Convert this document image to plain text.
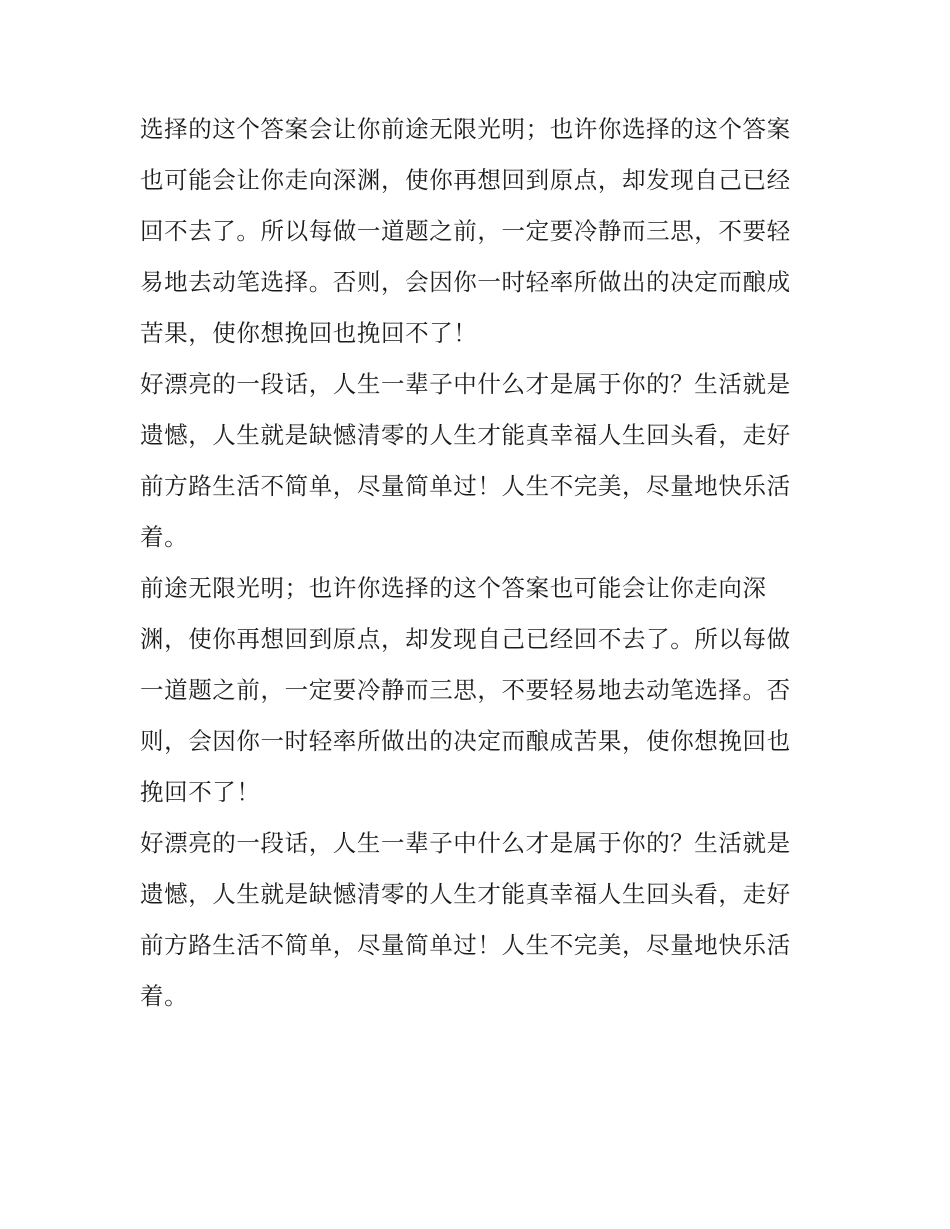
选择的这个答案会让你前途无限光明；也许你选择的这个答案
也可能会让你走向深渊，使你再想回到原点，却发现自己已经
回不去了。所以每做一道题之前，一定要冷静而三思，不要轻
易地去动笔选择。否则，会因你一时轻率所做出的决定而酿成
苦果，使你想挽回也挽回不了！
好漂亮的一段话，人生一辈子中什么才是属于你的？生活就是
遗憾，人生就是缺憾清零的人生才能真幸福人生回头看，走好
前方路生活不简单，尽量简单过！人生不完美，尽量地快乐活
着。
前途无限光明；也许你选择的这个答案也可能会让你走向深
渊，使你再想回到原点，却发现自己已经回不去了。所以每做
一道题之前，一定要冷静而三思，不要轻易地去动笔选择。否
则，会因你一时轻率所做出的决定而酿成苦果，使你想挽回也
挽回不了！
好漂亮的一段话，人生一辈子中什么才是属于你的？生活就是
遗憾，人生就是缺憾清零的人生才能真幸福人生回头看，走好
前方路生活不简单，尽量简单过！人生不完美，尽量地快乐活
着。
